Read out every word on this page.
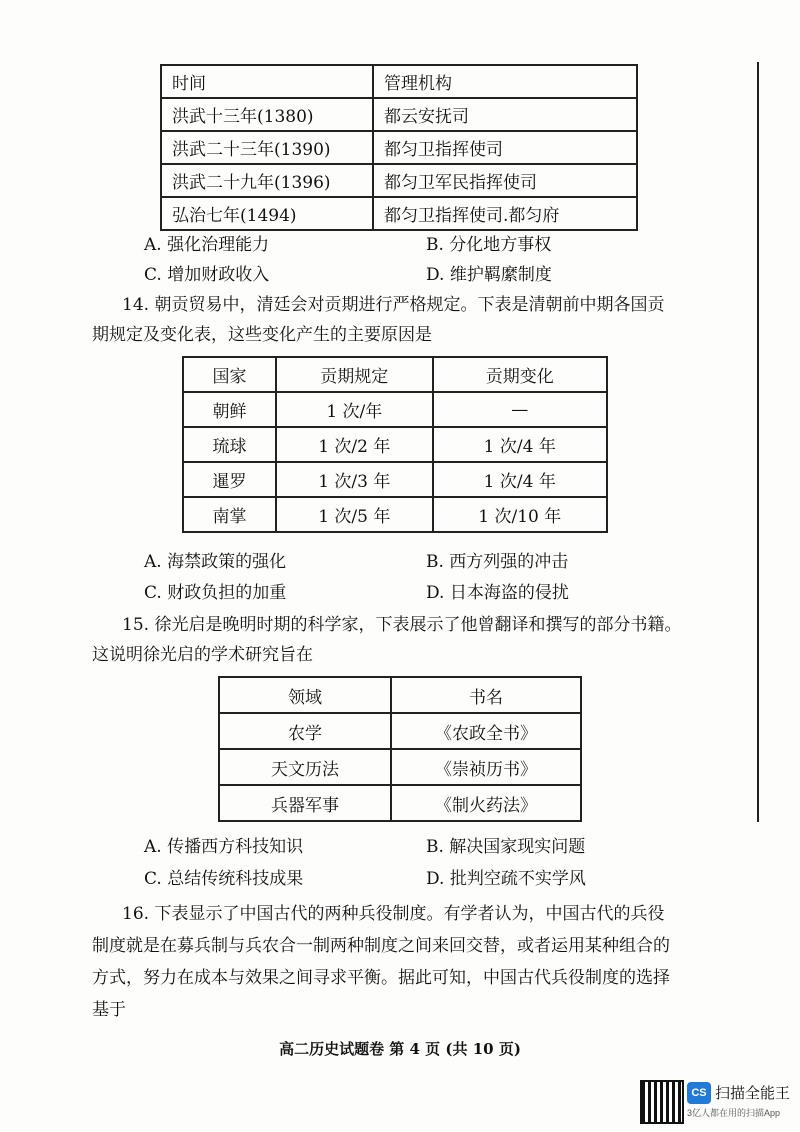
时间	管理机构
洪武十三年(1380)	都云安抚司
洪武二十三年(1390)	都匀卫指挥使司
洪武二十九年(1396)	都匀卫军民指挥使司
弘治七年(1494)	都匀卫指挥使司.都匀府
A. 强化治理能力	B. 分化地方事权
C. 增加财政收入	D. 维护羁縻制度

14. 朝贡贸易中，清廷会对贡期进行严格规定。下表是清朝前中期各国贡

期规定及变化表，这些变化产生的主要原因是

国家	贡期规定	贡期变化
朝鲜	1 次/年	—
琉球	1 次/2 年	1 次/4 年
暹罗	1 次/3 年	1 次/4 年
南掌	1 次/5 年	1 次/10 年
A. 海禁政策的强化	B. 西方列强的冲击
C. 财政负担的加重	D. 日本海盗的侵扰

15. 徐光启是晚明时期的科学家，下表展示了他曾翻译和撰写的部分书籍。

这说明徐光启的学术研究旨在

领域	书名
农学	《农政全书》
天文历法	《崇祯历书》
兵器军事	《制火药法》
A. 传播西方科技知识	B. 解决国家现实问题
C. 总结传统科技成果	D. 批判空疏不实学风

16. 下表显示了中国古代的两种兵役制度。有学者认为，中国古代的兵役

制度就是在募兵制与兵农合一制两种制度之间来回交替，或者运用某种组合的

方式，努力在成本与效果之间寻求平衡。据此可知，中国古代兵役制度的选择

基于

高二历史试题卷 第 4 页 (共 10 页)
CS 扫描全能王
3亿人都在用的扫描App
